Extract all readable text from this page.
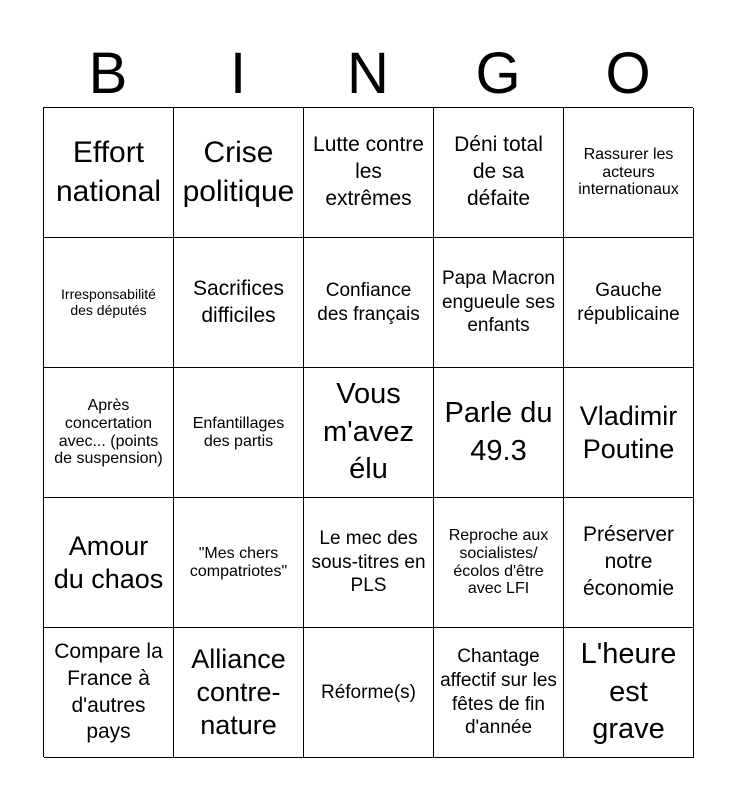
B	I	N	G	O
Effort national
Crise politique
Lutte contre les extrêmes
Déni total de sa défaite
Rassurer les acteurs internationaux
Irresponsabilité des députés
Sacrifices difficiles
Confiance des français
Papa Macron engueule ses enfants
Gauche républicaine
Après concertation avec... (points de suspension)
Enfantillages des partis
Vous m'avez élu
Parle du 49.3
Vladimir Poutine
Amour du chaos
"Mes chers compatriotes"
Le mec des sous-titres en PLS
Reproche aux socialistes/ écolos d'être avec LFI
Préserver notre économie
Compare la France à d'autres pays
Alliance contre-nature
Réforme(s)
Chantage affectif sur les fêtes de fin d'année
L'heure est grave
